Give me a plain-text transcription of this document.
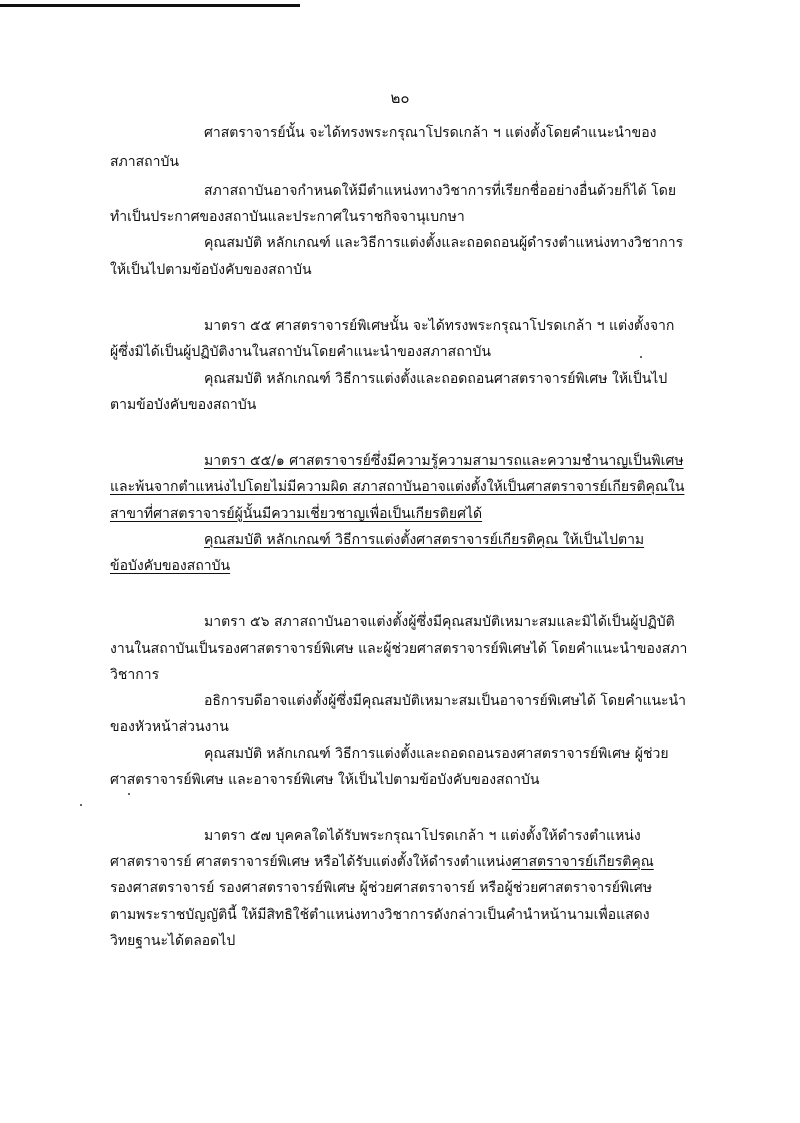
๒๐
ศาสตราจารย์นั้น จะได้ทรงพระกรุณาโปรดเกล้า ฯ แต่งตั้งโดยคำแนะนำของ
สภาสถาบัน
สภาสถาบันอาจกำหนดให้มีตำแหน่งทางวิชาการที่เรียกชื่ออย่างอื่นด้วยก็ได้ โดย
ทำเป็นประกาศของสถาบันและประกาศในราชกิจจานุเบกษา
คุณสมบัติ หลักเกณฑ์ และวิธีการแต่งตั้งและถอดถอนผู้ดำรงตำแหน่งทางวิชาการ
ให้เป็นไปตามข้อบังคับของสถาบัน
มาตรา ๕๕ ศาสตราจารย์พิเศษนั้น จะได้ทรงพระกรุณาโปรดเกล้า ฯ แต่งตั้งจาก
ผู้ซึ่งมิได้เป็นผู้ปฏิบัติงานในสถาบันโดยคำแนะนำของสภาสถาบัน
คุณสมบัติ หลักเกณฑ์ วิธีการแต่งตั้งและถอดถอนศาสตราจารย์พิเศษ ให้เป็นไป
ตามข้อบังคับของสถาบัน
มาตรา ๕๕/๑ ศาสตราจารย์ซึ่งมีความรู้ความสามารถและความชำนาญเป็นพิเศษ
และพ้นจากตำแหน่งไปโดยไม่มีความผิด สภาสถาบันอาจแต่งตั้งให้เป็นศาสตราจารย์เกียรติคุณใน
สาขาที่ศาสตราจารย์ผู้นั้นมีความเชี่ยวชาญเพื่อเป็นเกียรติยศได้
คุณสมบัติ หลักเกณฑ์ วิธีการแต่งตั้งศาสตราจารย์เกียรติคุณ ให้เป็นไปตาม
ข้อบังคับของสถาบัน
มาตรา ๕๖ สภาสถาบันอาจแต่งตั้งผู้ซึ่งมีคุณสมบัติเหมาะสมและมิได้เป็นผู้ปฏิบัติ
งานในสถาบันเป็นรองศาสตราจารย์พิเศษ และผู้ช่วยศาสตราจารย์พิเศษได้ โดยคำแนะนำของสภา
วิชาการ
อธิการบดีอาจแต่งตั้งผู้ซึ่งมีคุณสมบัติเหมาะสมเป็นอาจารย์พิเศษได้ โดยคำแนะนำ
ของหัวหน้าส่วนงาน
คุณสมบัติ หลักเกณฑ์ วิธีการแต่งตั้งและถอดถอนรองศาสตราจารย์พิเศษ ผู้ช่วย
ศาสตราจารย์พิเศษ และอาจารย์พิเศษ ให้เป็นไปตามข้อบังคับของสถาบัน
มาตรา ๕๗ บุคคลใดได้รับพระกรุณาโปรดเกล้า ฯ แต่งตั้งให้ดำรงตำแหน่ง
ศาสตราจารย์ ศาสตราจารย์พิเศษ หรือได้รับแต่งตั้งให้ดำรงตำแหน่งศาสตราจารย์เกียรติคุณ
รองศาสตราจารย์ รองศาสตราจารย์พิเศษ ผู้ช่วยศาสตราจารย์ หรือผู้ช่วยศาสตราจารย์พิเศษ
ตามพระราชบัญญัตินี้ ให้มีสิทธิใช้ตำแหน่งทางวิชาการดังกล่าวเป็นคำนำหน้านามเพื่อแสดง
วิทยฐานะได้ตลอดไป
